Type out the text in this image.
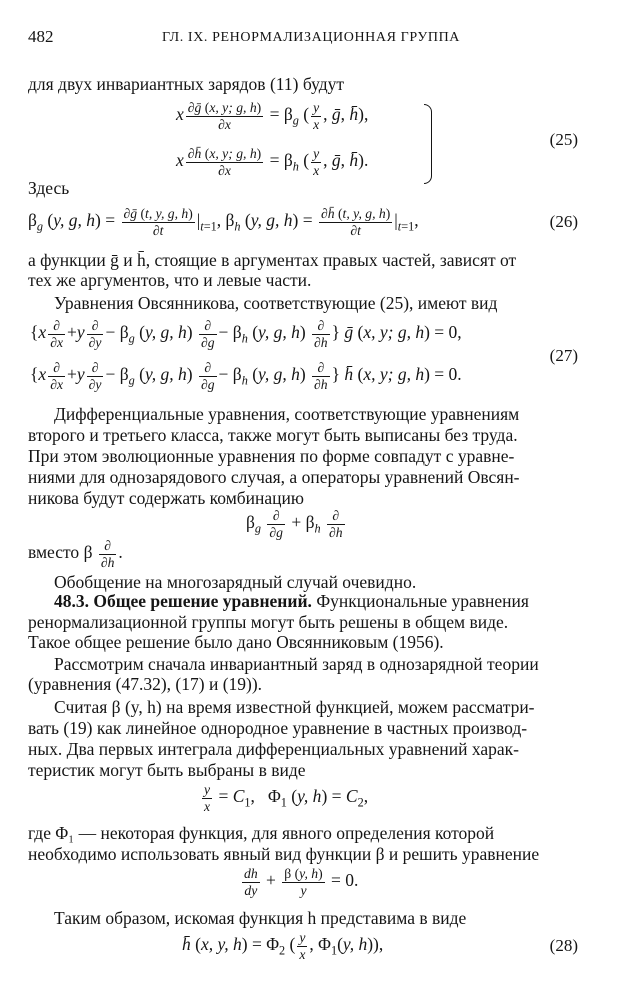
482	ГЛ. IX. РЕНОРМАЛИЗАЦИОННАЯ ГРУППА
для двух инвариантных зарядов (11) будут
x $\frac{\text{∂ḡ (x, y; g, h)}}{\partial x} = \beta_g$ ( $\frac{y}{x}$ , ḡ, h̄),
x $\frac{\partial h̄ (x, y; g, h)}{\partial x} = \beta_h$ ( $\frac{y}{x}$ , ḡ, h̄).
(25)
Здесь
$\beta_g$ (y, g, $h) = \frac{\text{∂ḡ (t, y, g, h)}}{\partial t} |_{t=1}$, $\beta_h$ (y, g, $h) = \frac{\partial h̄ (t, y, g, h)}{\partial t} |_{t=1}$,	(26)
а функции ḡ и h̄, стоящие в аргументах правых частей, зависят от
тех же аргументов, что и левые части.
Уравнения Овсянникова, соответствующие (25), имеют вид
{$x \frac{\partial}{\partial x} +y \frac{\partial}{\partial y} - \beta_g$ (y, g, $h) \frac{\partial}{\partial g} - \beta_h$ (y, g, $h) \frac{\partial}{\partial h}$ } ḡ (x, y; g, h) = 0,
{$x \frac{\partial}{\partial x} +y \frac{\partial}{\partial y} - \beta_g$ (y, g, $h) \frac{\partial}{\partial g} - \beta_h$ (y, g, $h) \frac{\partial}{\partial h}$ } h̄ (x, y; g, h) = 0.
(27)
Дифференциальные уравнения, соответствующие уравнениям
второго и третьего класса, также могут быть выписаны без труда.
При этом эволюционные уравнения по форме совпадут с уравне-
ниями для однозарядового случая, а операторы уравнений Овсян-
никова будут содержать комбинацию
$\beta_g \frac{\partial}{\partial g} + \beta_h \frac{\partial}{\partial h}$
вместо β $\frac{\partial}{\partial h}$ .
Обобщение на многозарядный случай очевидно.
48.3. Общее решение уравнений. Функциональные уравнения
ренормализационной группы могут быть решены в общем виде.
Такое общее решение было дано Овсянниковым (1956).
Рассмотрим сначала инвариантный заряд в однозарядной теории
(уравнения (47.32), (17) и (19)).
Считая β (y, h) на время известной функцией, можем рассматри-
вать (19) как линейное однородное уравнение в частных производ-
ных. Два первых интеграла дифференциальных уравнений харак-
теристик могут быть выбраны в виде
$\frac{y}{x} = C_1$,   $\Phi_1$ (y, $h) = C_2$,
где Φ₁ — некоторая функция, для явного определения которой
необходимо использовать явный вид функции β и решить уравнение
$\frac{dh}{dy} + \frac{\beta (y, h)}{y} = 0$.
Таким образом, искомая функция h представима в виде
h̄ (x, y, $h) = \Phi_2$ ( $\frac{y}{x}$ , $\Phi_1(y$, h)),	(28)
